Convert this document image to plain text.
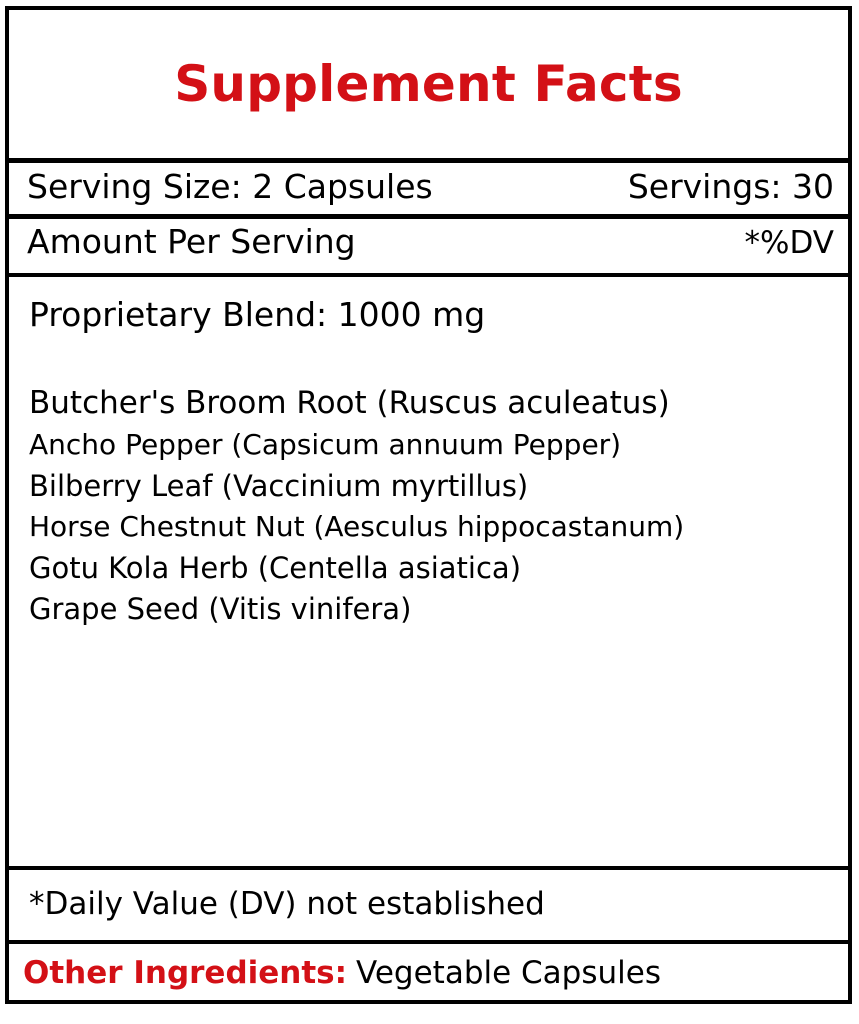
Supplement Facts
Serving Size: 2 Capsules	Servings: 30
Amount Per Serving	*%DV
Proprietary Blend: 1000 mg
Butcher's Broom Root (Ruscus aculeatus)
Ancho Pepper (Capsicum annuum Pepper)
Bilberry Leaf (Vaccinium myrtillus)
Horse Chestnut Nut (Aesculus hippocastanum)
Gotu Kola Herb (Centella asiatica)
Grape Seed (Vitis vinifera)
*Daily Value (DV) not established
Other Ingredients: Vegetable Capsules
